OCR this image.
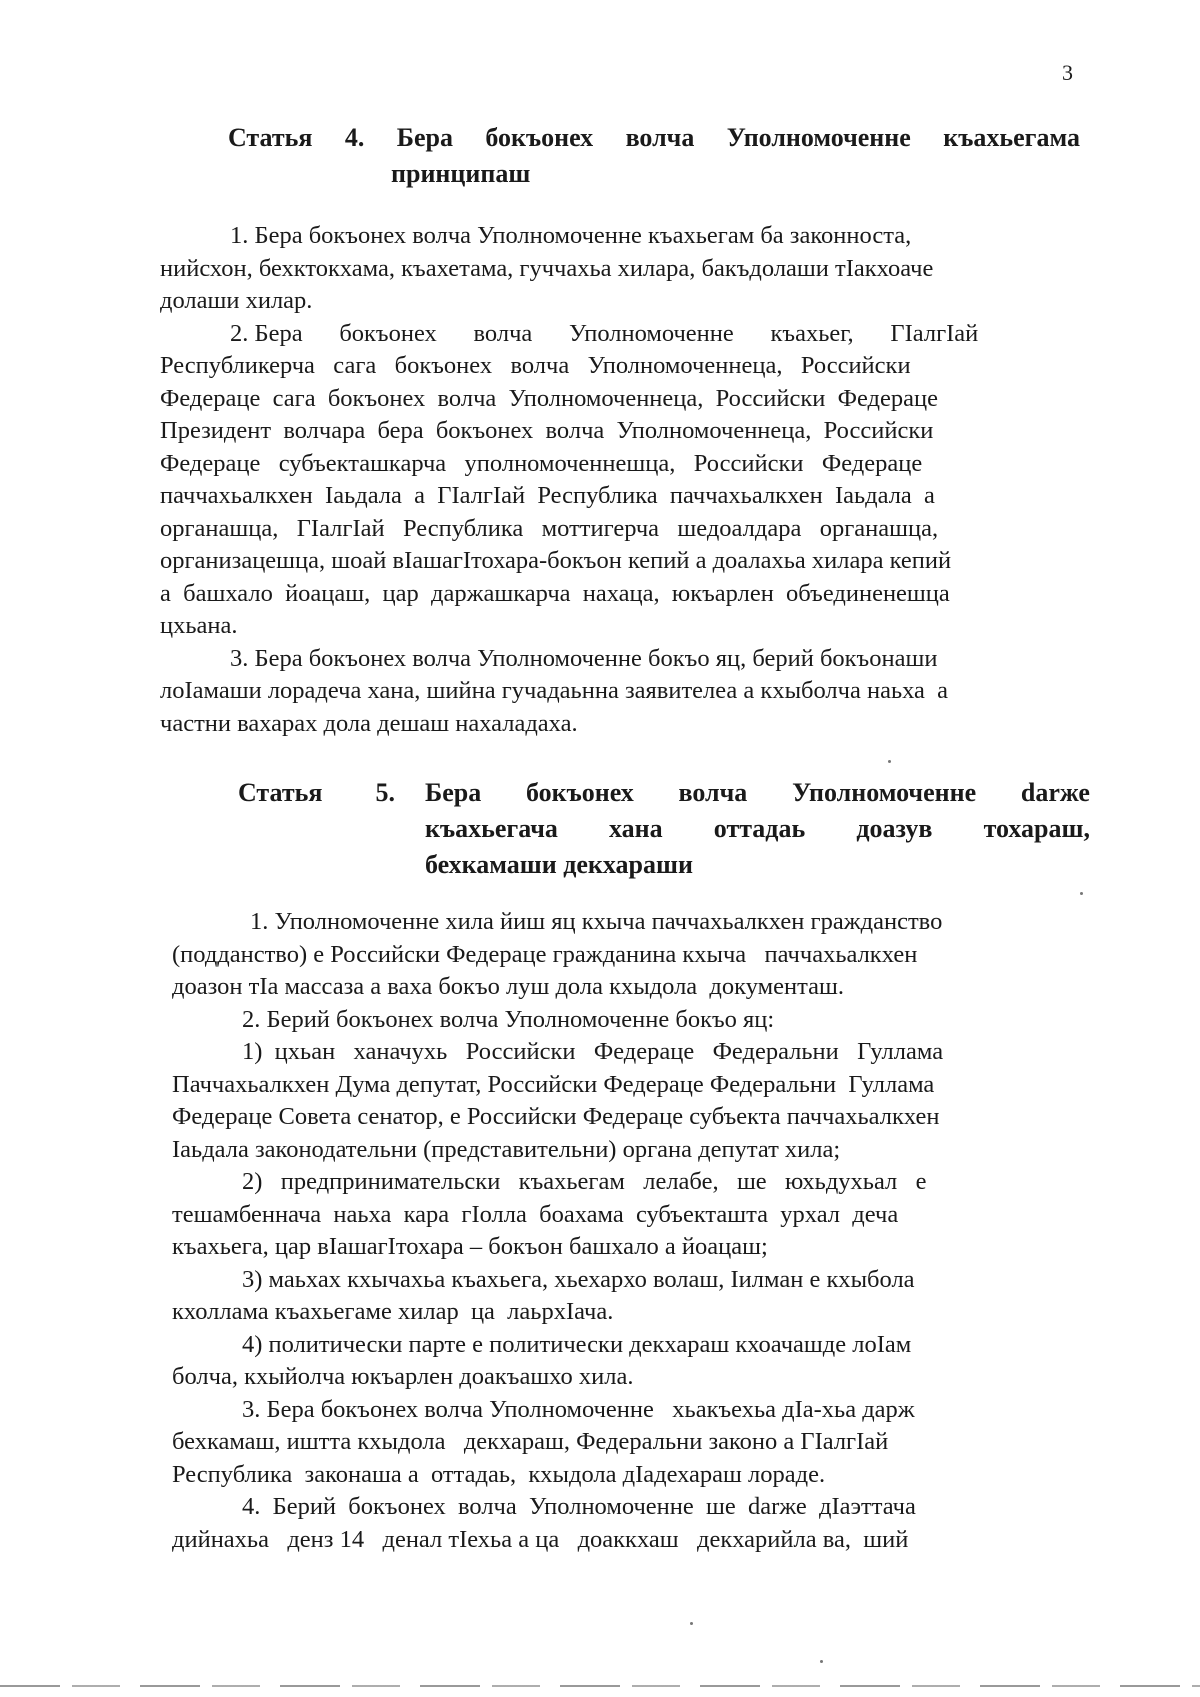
3
Статья 4. Бера бокъонех волча Уполномоченне къахьегама
принципаш
1. Бера бокъонех волча Уполномоченне къахьегам ба законноста,
нийсхон, бехктокхама, къахетама, гуччахьа хилара, бакъдолаши тIакхоаче
долаши хилар.
2. Бера      бокъонех      волча      Уполномоченне      къахьег,      ГIалгIай
Республикерча   сага   бокъонех   волча   Уполномоченнеца,   Российски
Федераце  сага  бокъонех  волча  Уполномоченнеца,  Российски  Федераце
Президент  волчара  бера  бокъонех  волча  Уполномоченнеца,  Российски
Федераце   субъекташкарча   уполномоченнешца,   Российски   Федераце
паччахьалкхен  Iаьдала  а  ГIалгIай  Республика  паччахьалкхен  Iаьдала  а
органашца,   ГIалгIай   Республика   моттигерча   шедоалдара   органашца,
организацешца, шоай вIашагIтохара-бокъон кепий а доалахьа хилара кепий
а  башхало  йоацаш,  цар  даржашкарча  нахаца,  юкъарлен  объединенешца
цхьана.
3. Бера бокъонех волча Уполномоченне бокъо яц, берий бокъонаши
лоIамаши лорадеча хана, шийна гучадаьнна заявителеа а кхыболча наьха  а
частни вахарах дола дешаш нахаладаха.
Статья 5. Бера бокъонех волча Уполномоченне darже
къахьегача хана оттадаь доазув тохараш,
бехкамаши декхараши
1. Уполномоченне хила йиш яц кхыча паччахьалкхен гражданство
(подданство) е Российски Федераце гражданина кхыча   паччахьалкхен
доазон тIа массаза а ваха бокъо луш дола кхыдола  документаш.
2. Берий бокъонех волча Уполномоченне бокъо яц:
1)  цхьан   ханачухь   Российски   Федераце   Федеральни   Гуллама
Паччахьалкхен Дума депутат, Российски Федераце Федеральни  Гуллама
Федераце Совета сенатор, е Российски Федераце субъекта паччахьалкхен
Iаьдала законодательни (представительни) органа депутат хила;
2)   предпринимательски   къахьегам   лелабе,   ше   юхьдухьал   е
тешамбеннача  наьха  кара  гIолла  боахама  субъекташта  урхал  деча
къахьега, цар вIашагIтохара – бокъон башхало а йоацаш;
3) маьхах кхычахьа къахьега, хьехархо волаш, Iилман е кхыбола
кхоллама къахьегаме хилар  ца  лаьрхIача.
4) политически парте е политически декхараш кхоачашде лоIам
болча, кхыйолча юкъарлен доакъашхо хила.
3. Бера бокъонех волча Уполномоченне   хьакъехьа дIа-хьа дарж
бехкамаш, иштта кхыдола   декхараш, Федеральни законо а ГIалгIай
Республика  законаша а  оттадаь,  кхыдола дIадехараш лораде.
4.  Берий  бокъонех  волча  Уполномоченне  ше  darже  дIаэттача
дийнахьа   денз 14   денал тIехьа а ца   доаккхаш   декхарийла ва,  ший
